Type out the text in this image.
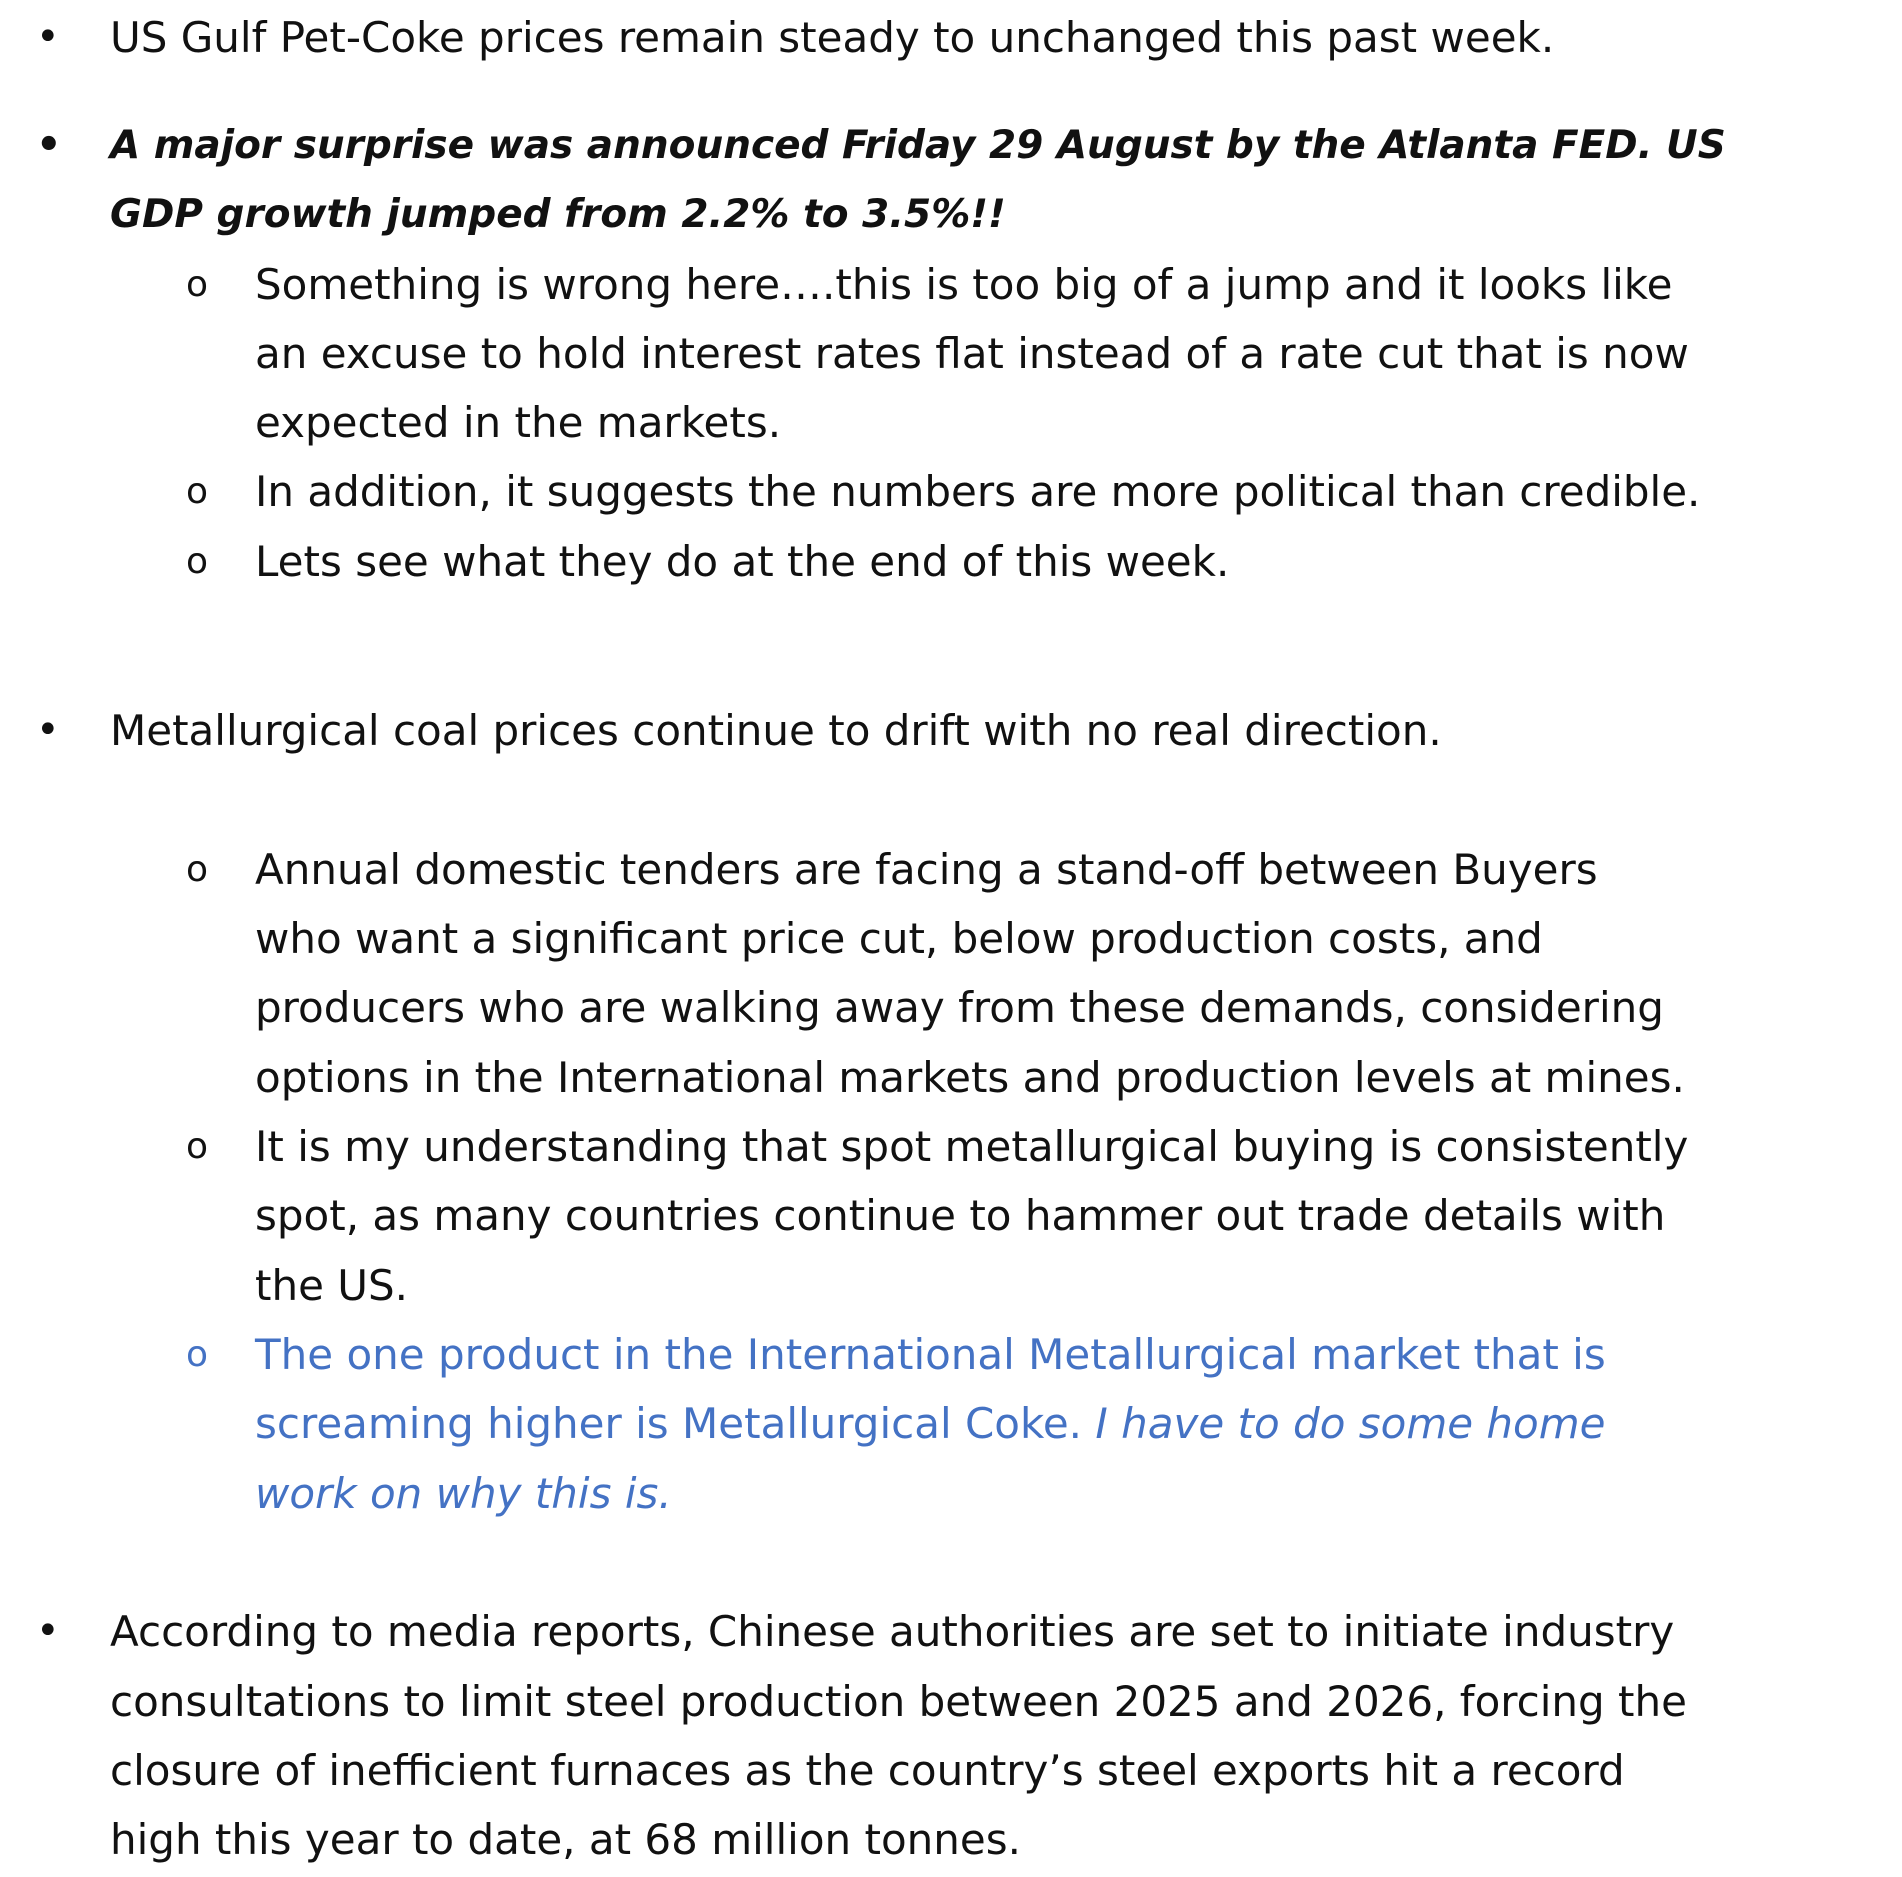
• US Gulf Pet-Coke prices remain steady to unchanged this past week.
• A major surprise was announced Friday 29 August by the Atlanta FED. US
GDP growth jumped from 2.2% to 3.5%!!
o Something is wrong here….this is too big of a jump and it looks like
an excuse to hold interest rates flat instead of a rate cut that is now
expected in the markets.
o In addition, it suggests the numbers are more political than credible.
o Lets see what they do at the end of this week.
• Metallurgical coal prices continue to drift with no real direction.
o Annual domestic tenders are facing a stand-off between Buyers
who want a significant price cut, below production costs, and
producers who are walking away from these demands, considering
options in the International markets and production levels at mines.
o It is my understanding that spot metallurgical buying is consistently
spot, as many countries continue to hammer out trade details with
the US.
o The one product in the International Metallurgical market that is
screaming higher is Metallurgical Coke. I have to do some home
work on why this is.
• According to media reports, Chinese authorities are set to initiate industry
consultations to limit steel production between 2025 and 2026, forcing the
closure of inefficient furnaces as the country’s steel exports hit a record
high this year to date, at 68 million tonnes.
